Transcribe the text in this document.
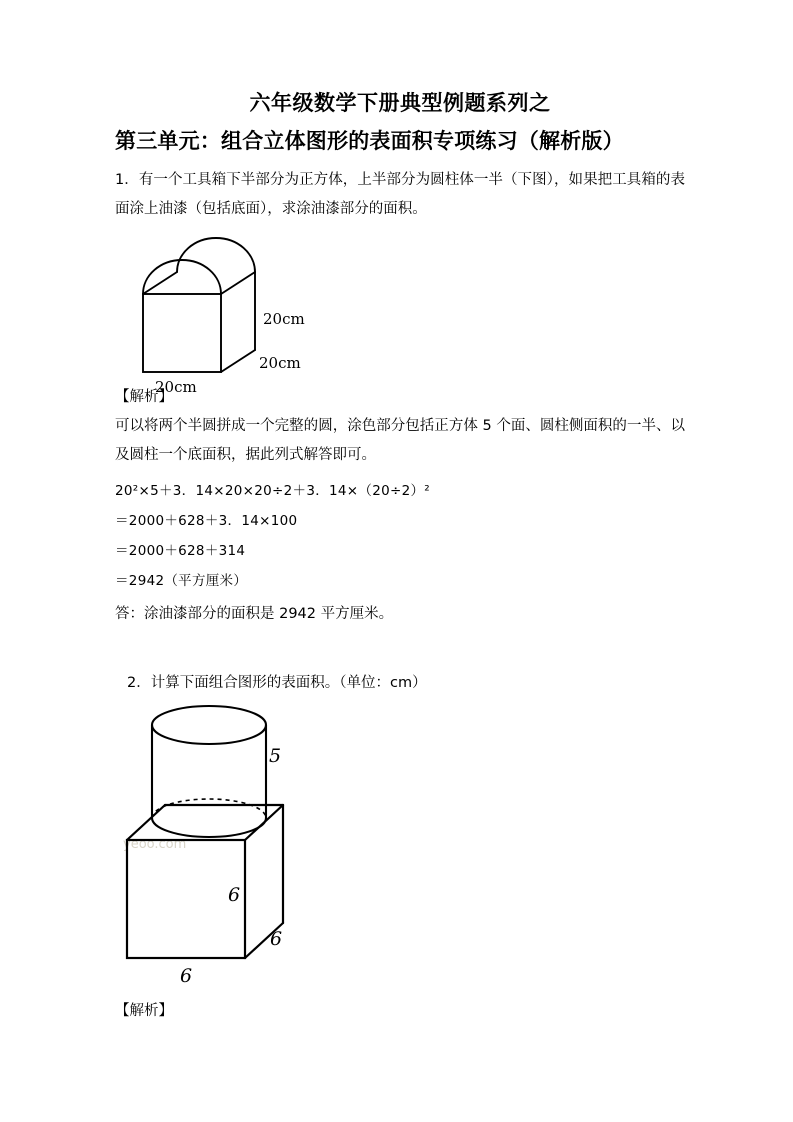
六年级数学下册典型例题系列之
第三单元：组合立体图形的表面积专项练习（解析版）
1．有一个工具箱下半部分为正方体，上半部分为圆柱体一半（下图），如果把工具箱的表面涂上油漆（包括底面），求涂油漆部分的面积。
20cm
20cm
20cm
【解析】
可以将两个半圆拼成一个完整的圆，涂色部分包括正方体 5 个面、圆柱侧面积的一半、以及圆柱一个底面积，据此列式解答即可。
20²×5＋3．14×20×20÷2＋3．14×（20÷2）²
＝2000＋628＋3．14×100
＝2000＋628＋314
＝2942（平方厘米）
答：涂油漆部分的面积是 2942 平方厘米。
2．计算下面组合图形的表面积。（单位：cm）
yeoo.com
5
6
6
6
【解析】
